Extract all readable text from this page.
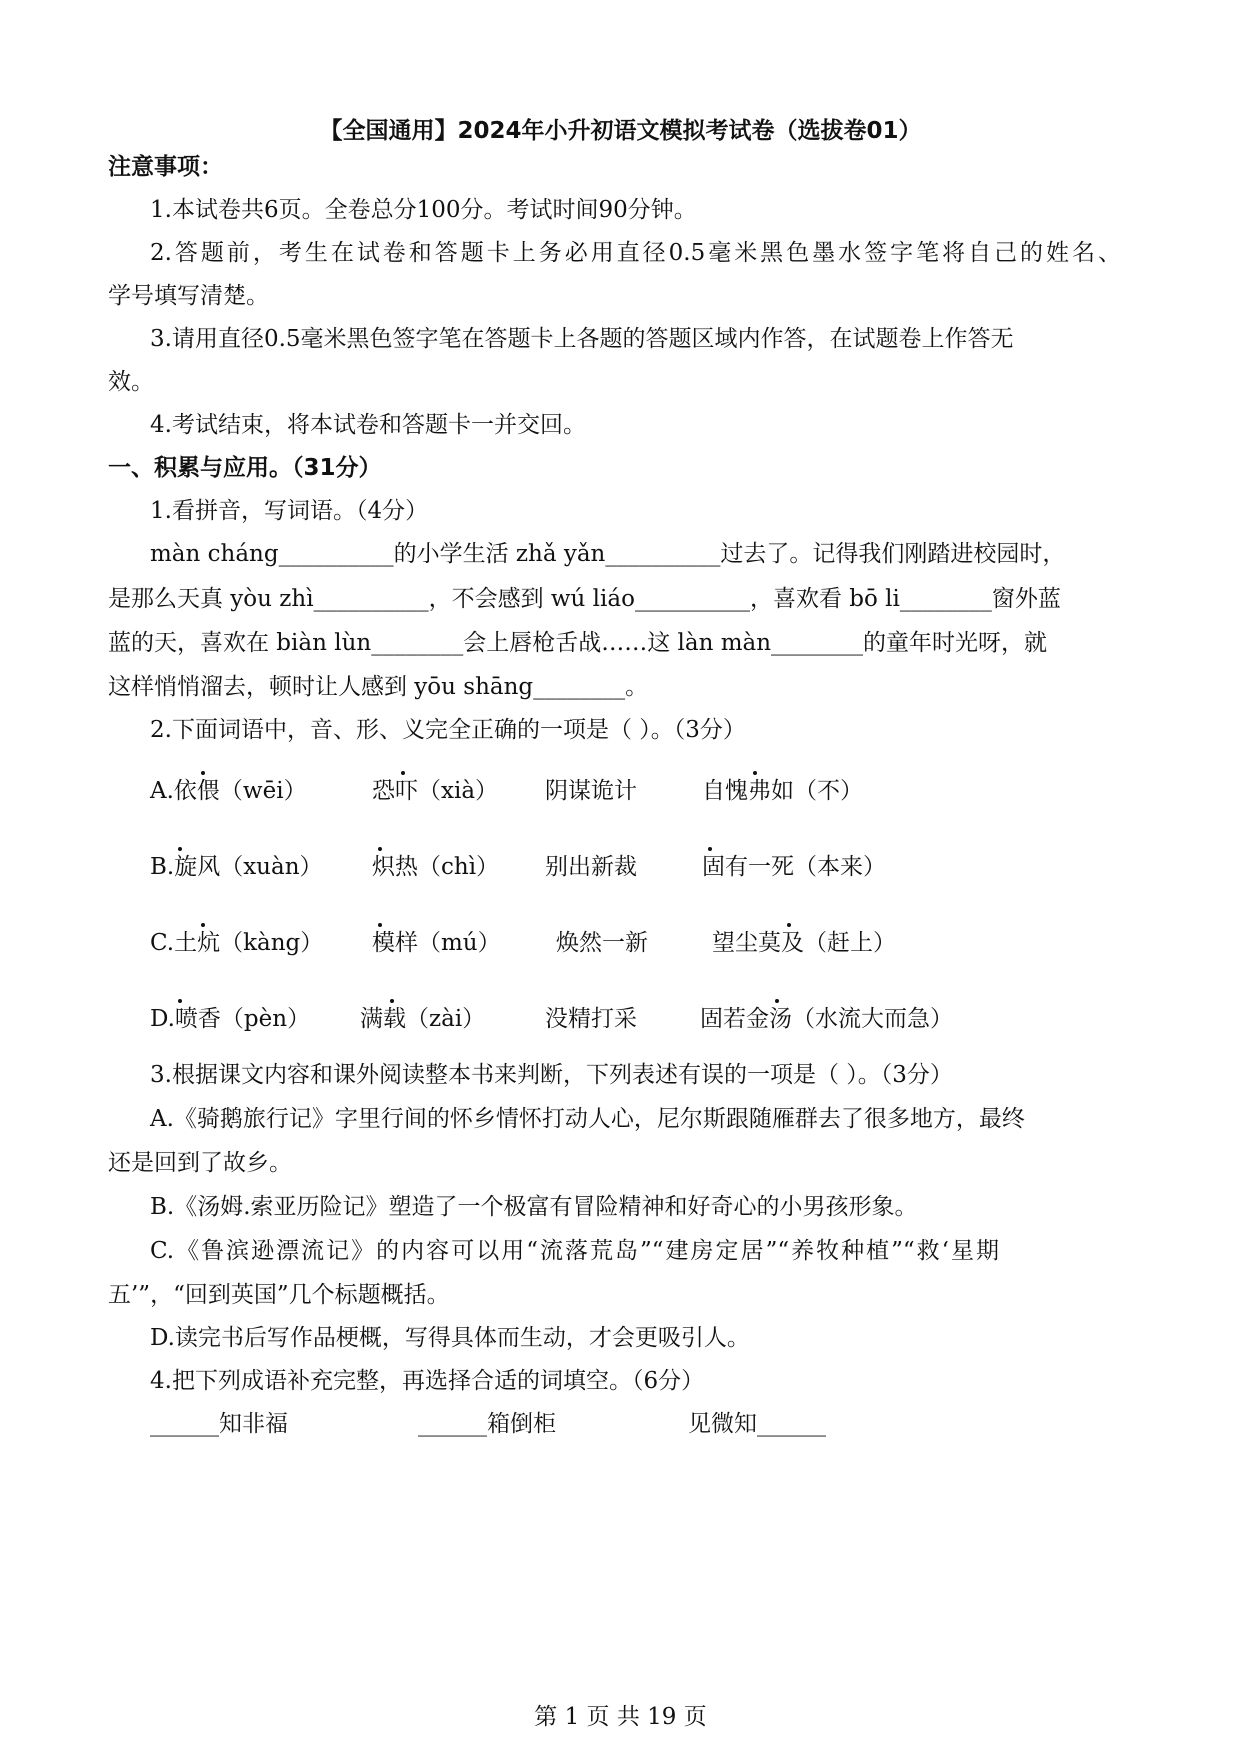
【全国通用】2024年小升初语文模拟考试卷（选拔卷01）
注意事项：
1.本试卷共6页。全卷总分100分。考试时间90分钟。
2.答题前，考生在试卷和答题卡上务必用直径0.5毫米黑色墨水签字笔将自己的姓名、
学号填写清楚。
3.请用直径0.5毫米黑色签字笔在答题卡上各题的答题区域内作答，在试题卷上作答无
效。
4.考试结束，将本试卷和答题卡一并交回。
一、积累与应用。（31分）
1.看拼音，写词语。（4分）
màn cháng__________的小学生活 zhǎ yǎn__________过去了。记得我们刚踏进校园时，
是那么天真 yòu zhì__________，不会感到 wú liáo__________，喜欢看 bō li________窗外蓝
蓝的天，喜欢在 biàn lùn________会上唇枪舌战……这 làn màn________的童年时光呀，就
这样悄悄溜去，顿时让人感到 yōu shāng________。
2.下面词语中，音、形、义完全正确的一项是（ ）。（3分）
A.依偎（wēi）	恐吓（xià） 阴谋诡计	自愧弗如（不）
B.旋风（xuàn） 炽热（chì） 别出新裁	固有一死（本来）
C.土炕（kàng） 模样（mú） 焕然一新	望尘莫及（赶上）
D.喷香（pèn） 满载（zài）	没精打采	固若金汤（水流大而急）
3.根据课文内容和课外阅读整本书来判断，下列表述有误的一项是（ ）。（3分）
A.《骑鹅旅行记》字里行间的怀乡情怀打动人心，尼尔斯跟随雁群去了很多地方，最终
还是回到了故乡。
B.《汤姆.索亚历险记》塑造了一个极富有冒险精神和好奇心的小男孩形象。
C.《鲁滨逊漂流记》的内容可以用“流落荒岛”“建房定居”“养牧种植”“救‘星期
五’”，“回到英国”几个标题概括。
D.读完书后写作品梗概，写得具体而生动，才会更吸引人。
4.把下列成语补充完整，再选择合适的词填空。（6分）
______知非福	______箱倒柜	见微知______
第 1 页 共 19 页
